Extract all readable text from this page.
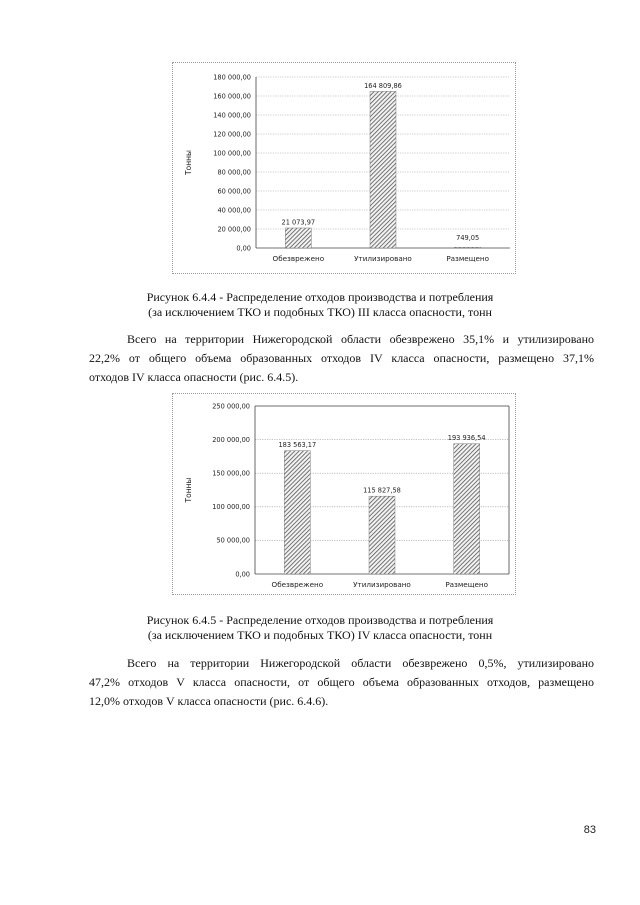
0,00
20 000,00
40 000,00
60 000,00
80 000,00
100 000,00
120 000,00
140 000,00
160 000,00
180 000,00
Тонны
21 073,97
Обезврежено
164 809,86
Утилизировано
749,05
Размещено
Рисунок 6.4.4 - Распределение отходов производства и потребления
(за исключением ТКО и подобных ТКО) III класса опасности, тонн
Всего на территории Нижегородской области обезврежено 35,1% и утилизировано
22,2% от общего объема образованных отходов IV класса опасности, размещено 37,1%
отходов IV класса опасности (рис. 6.4.5).
0,00
50 000,00
100 000,00
150 000,00
200 000,00
250 000,00
Тонны
183 563,17
Обезврежено
115 827,58
Утилизировано
193 936,54
Размещено
Рисунок 6.4.5 - Распределение отходов производства и потребления
(за исключением ТКО и подобных ТКО) IV класса опасности, тонн
Всего на территории Нижегородской области обезврежено 0,5%, утилизировано
47,2% отходов V класса опасности, от общего объема образованных отходов, размещено
12,0% отходов V класса опасности (рис. 6.4.6).
83
